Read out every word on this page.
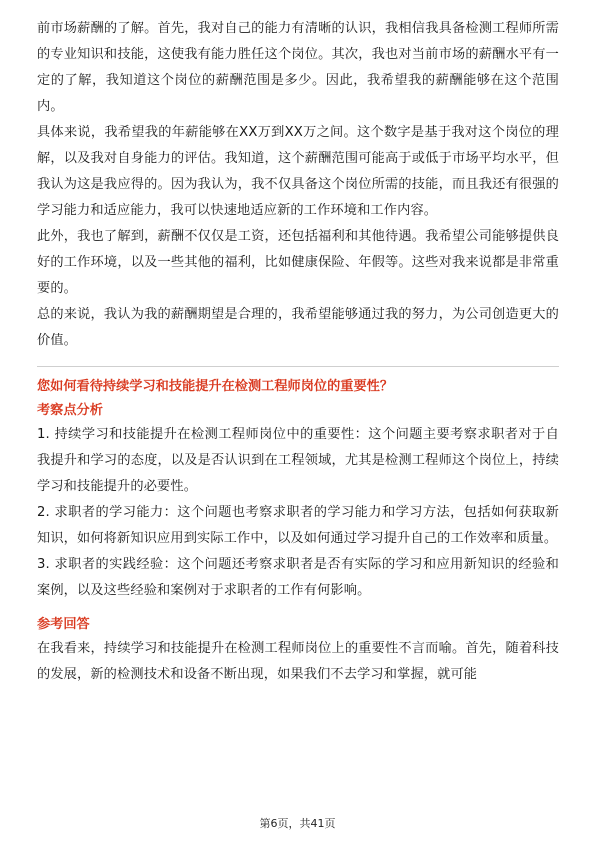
前市场薪酬的了解。首先，我对自己的能力有清晰的认识，我相信我具备检测工程师所需的专业知识和技能，这使我有能力胜任这个岗位。其次，我也对当前市场的薪酬水平有一定的了解，我知道这个岗位的薪酬范围是多少。因此，我希望我的薪酬能够在这个范围内。

具体来说，我希望我的年薪能够在XX万到XX万之间。这个数字是基于我对这个岗位的理解，以及我对自身能力的评估。我知道，这个薪酬范围可能高于或低于市场平均水平，但我认为这是我应得的。因为我认为，我不仅具备这个岗位所需的技能，而且我还有很强的学习能力和适应能力，我可以快速地适应新的工作环境和工作内容。

此外，我也了解到，薪酬不仅仅是工资，还包括福利和其他待遇。我希望公司能够提供良好的工作环境，以及一些其他的福利，比如健康保险、年假等。这些对我来说都是非常重要的。

总的来说，我认为我的薪酬期望是合理的，我希望能够通过我的努力，为公司创造更大的价值。

您如何看待持续学习和技能提升在检测工程师岗位的重要性？
考察点分析

1. 持续学习和技能提升在检测工程师岗位中的重要性：这个问题主要考察求职者对于自我提升和学习的态度，以及是否认识到在工程领域，尤其是检测工程师这个岗位上，持续学习和技能提升的必要性。

2. 求职者的学习能力：这个问题也考察求职者的学习能力和学习方法，包括如何获取新知识，如何将新知识应用到实际工作中，以及如何通过学习提升自己的工作效率和质量。

3. 求职者的实践经验：这个问题还考察求职者是否有实际的学习和应用新知识的经验和案例，以及这些经验和案例对于求职者的工作有何影响。

参考回答

在我看来，持续学习和技能提升在检测工程师岗位上的重要性不言而喻。首先，随着科技的发展，新的检测技术和设备不断出现，如果我们不去学习和掌握，就可能

第6页，共41页
